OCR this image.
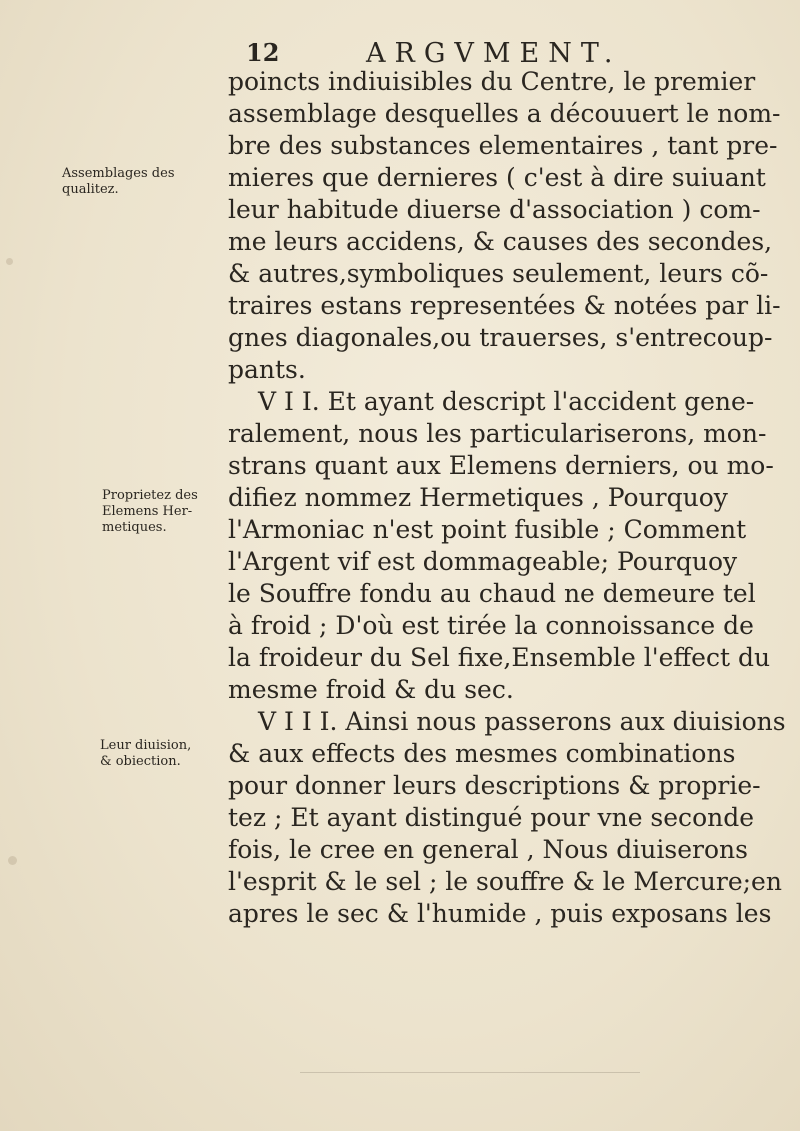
12	ARGVMENT.
poincts indiuisibles du Centre, le premier
assemblage desquelles a découuert le nom-
bre des substances elementaires , tant pre-
mieres que dernieres ( c'est à dire suiuant
leur habitude diuerse d'association ) com-
me leurs accidens, & causes des secondes,
& autres,symboliques seulement, leurs cõ-
traires estans representées & notées par li-
gnes diagonales,ou trauerses, s'entrecoup-
pants.
V I I. Et ayant descript l'accident gene-
ralement, nous les particulariserons, mon-
strans quant aux Elemens derniers, ou mo-
difiez nommez Hermetiques , Pourquoy
l'Armoniac n'est point fusible ; Comment
l'Argent vif est dommageable; Pourquoy
le Souffre fondu au chaud ne demeure tel
à froid ; D'où est tirée la connoissance de
la froideur du Sel fixe,Ensemble l'effect du
mesme froid & du sec.
V I I I. Ainsi nous passerons aux diuisions
& aux effects des mesmes combinations
pour donner leurs descriptions & proprie-
tez ; Et ayant distingué pour vne seconde
fois, le cree en general , Nous diuiserons
l'esprit & le sel ; le souffre & le Mercure;en
apres le sec & l'humide , puis exposans les
Assemblages des
qualitez.
Proprietez des
Elemens Her-
metiques.
Leur diuision,
& obiection.
